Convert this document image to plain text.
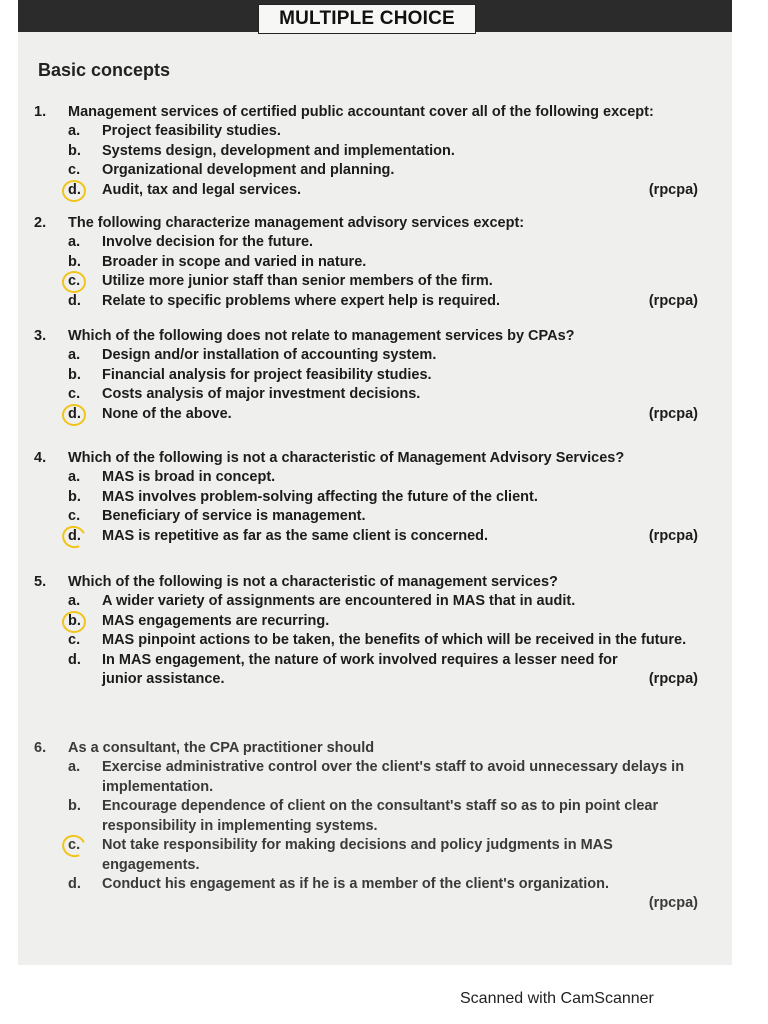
MULTIPLE CHOICE
Basic concepts
1.	Management services of certified public accountant cover all of the following except:
a.	Project feasibility studies.
b.	Systems design, development and implementation.
c.	Organizational development and planning.
d.	Audit, tax and legal services.	(rpcpa)
2.	The following characterize management advisory services except:
a.	Involve decision for the future.
b.	Broader in scope and varied in nature.
c.	Utilize more junior staff than senior members of the firm.
d.	Relate to specific problems where expert help is required.	(rpcpa)
3.	Which of the following does not relate to management services by CPAs?
a.	Design and/or installation of accounting system.
b.	Financial analysis for project feasibility studies.
c.	Costs analysis of major investment decisions.
d.	None of the above.	(rpcpa)
4.	Which of the following is not a characteristic of Management Advisory Services?
a.	MAS is broad in concept.
b.	MAS involves problem-solving affecting the future of the client.
c.	Beneficiary of service is management.
d.	MAS is repetitive as far as the same client is concerned.	(rpcpa)
5.	Which of the following is not a characteristic of management services?
a.	A wider variety of assignments are encountered in MAS that in audit.
b.	MAS engagements are recurring.
c.	MAS pinpoint actions to be taken, the benefits of which will be received in the future.
d.	In MAS engagement, the nature of work involved requires a lesser need for junior assistance.	(rpcpa)
6.	As a consultant, the CPA practitioner should
a.	Exercise administrative control over the client's staff to avoid unnecessary delays in implementation.
b.	Encourage dependence of client on the consultant's staff so as to pin point clear responsibility in implementing systems.
c.	Not take responsibility for making decisions and policy judgments in MAS engagements.
d.	Conduct his engagement as if he is a member of the client's organization.
(rpcpa)
Scanned with CamScanner
